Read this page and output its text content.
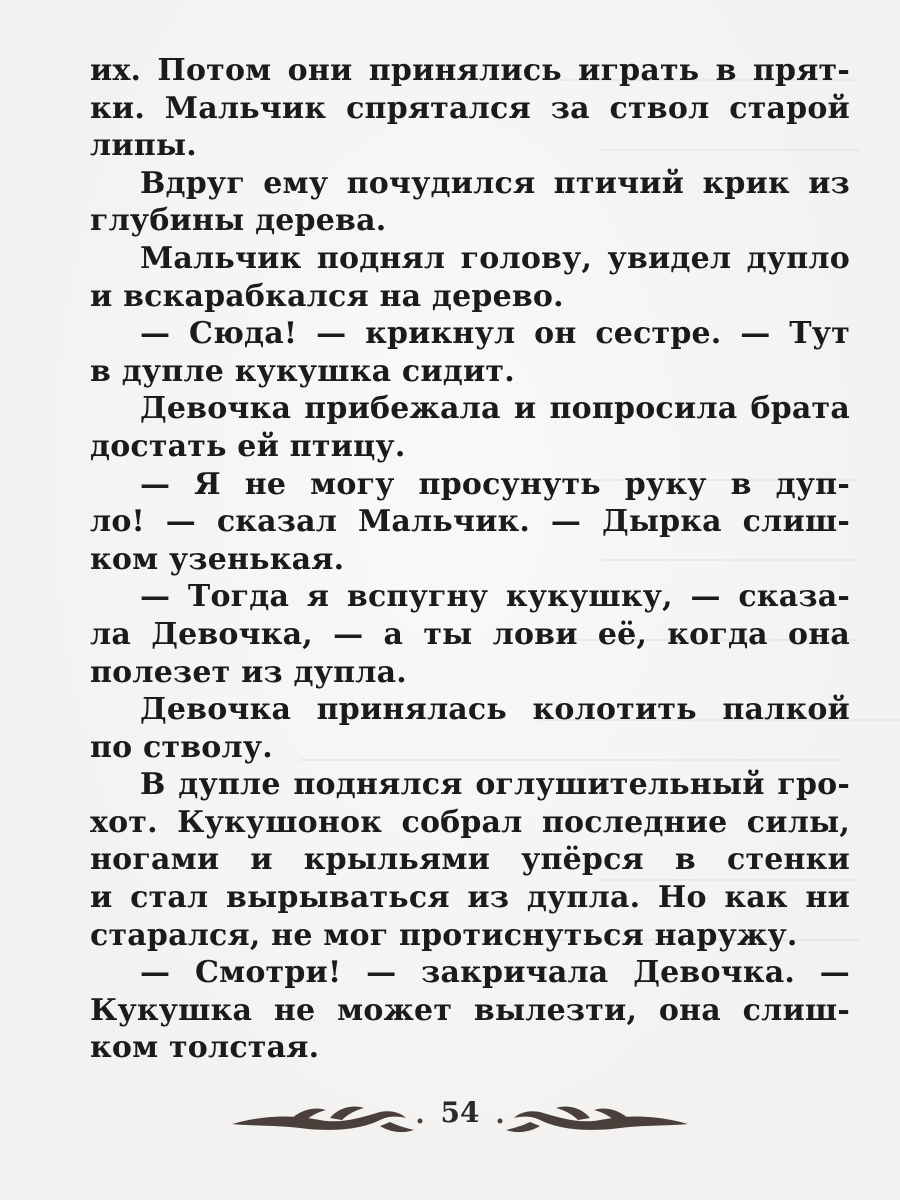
их. Потом они принялись играть в прят-
ки. Мальчик спрятался за ствол старой
липы.
Вдруг ему почудился птичий крик из
глубины дерева.
Мальчик поднял голову, увидел дупло
и вскарабкался на дерево.
— Сюда! — крикнул он сестре. — Тут
в дупле кукушка сидит.
Девочка прибежала и попросила брата
достать ей птицу.
— Я не могу просунуть руку в дуп-
ло! — сказал Мальчик. — Дырка слиш-
ком узенькая.
— Тогда я вспугну кукушку, — сказа-
ла Девочка, — а ты лови её, когда она
полезет из дупла.
Девочка принялась колотить палкой
по стволу.
В дупле поднялся оглушительный гро-
хот. Кукушонок собрал последние силы,
ногами и крыльями упёрся в стенки
и стал вырываться из дупла. Но как ни
старался, не мог протиснуться наружу.
— Смотри! — закричала Девочка. —
Кукушка не может вылезти, она слиш-
ком толстая.
54
